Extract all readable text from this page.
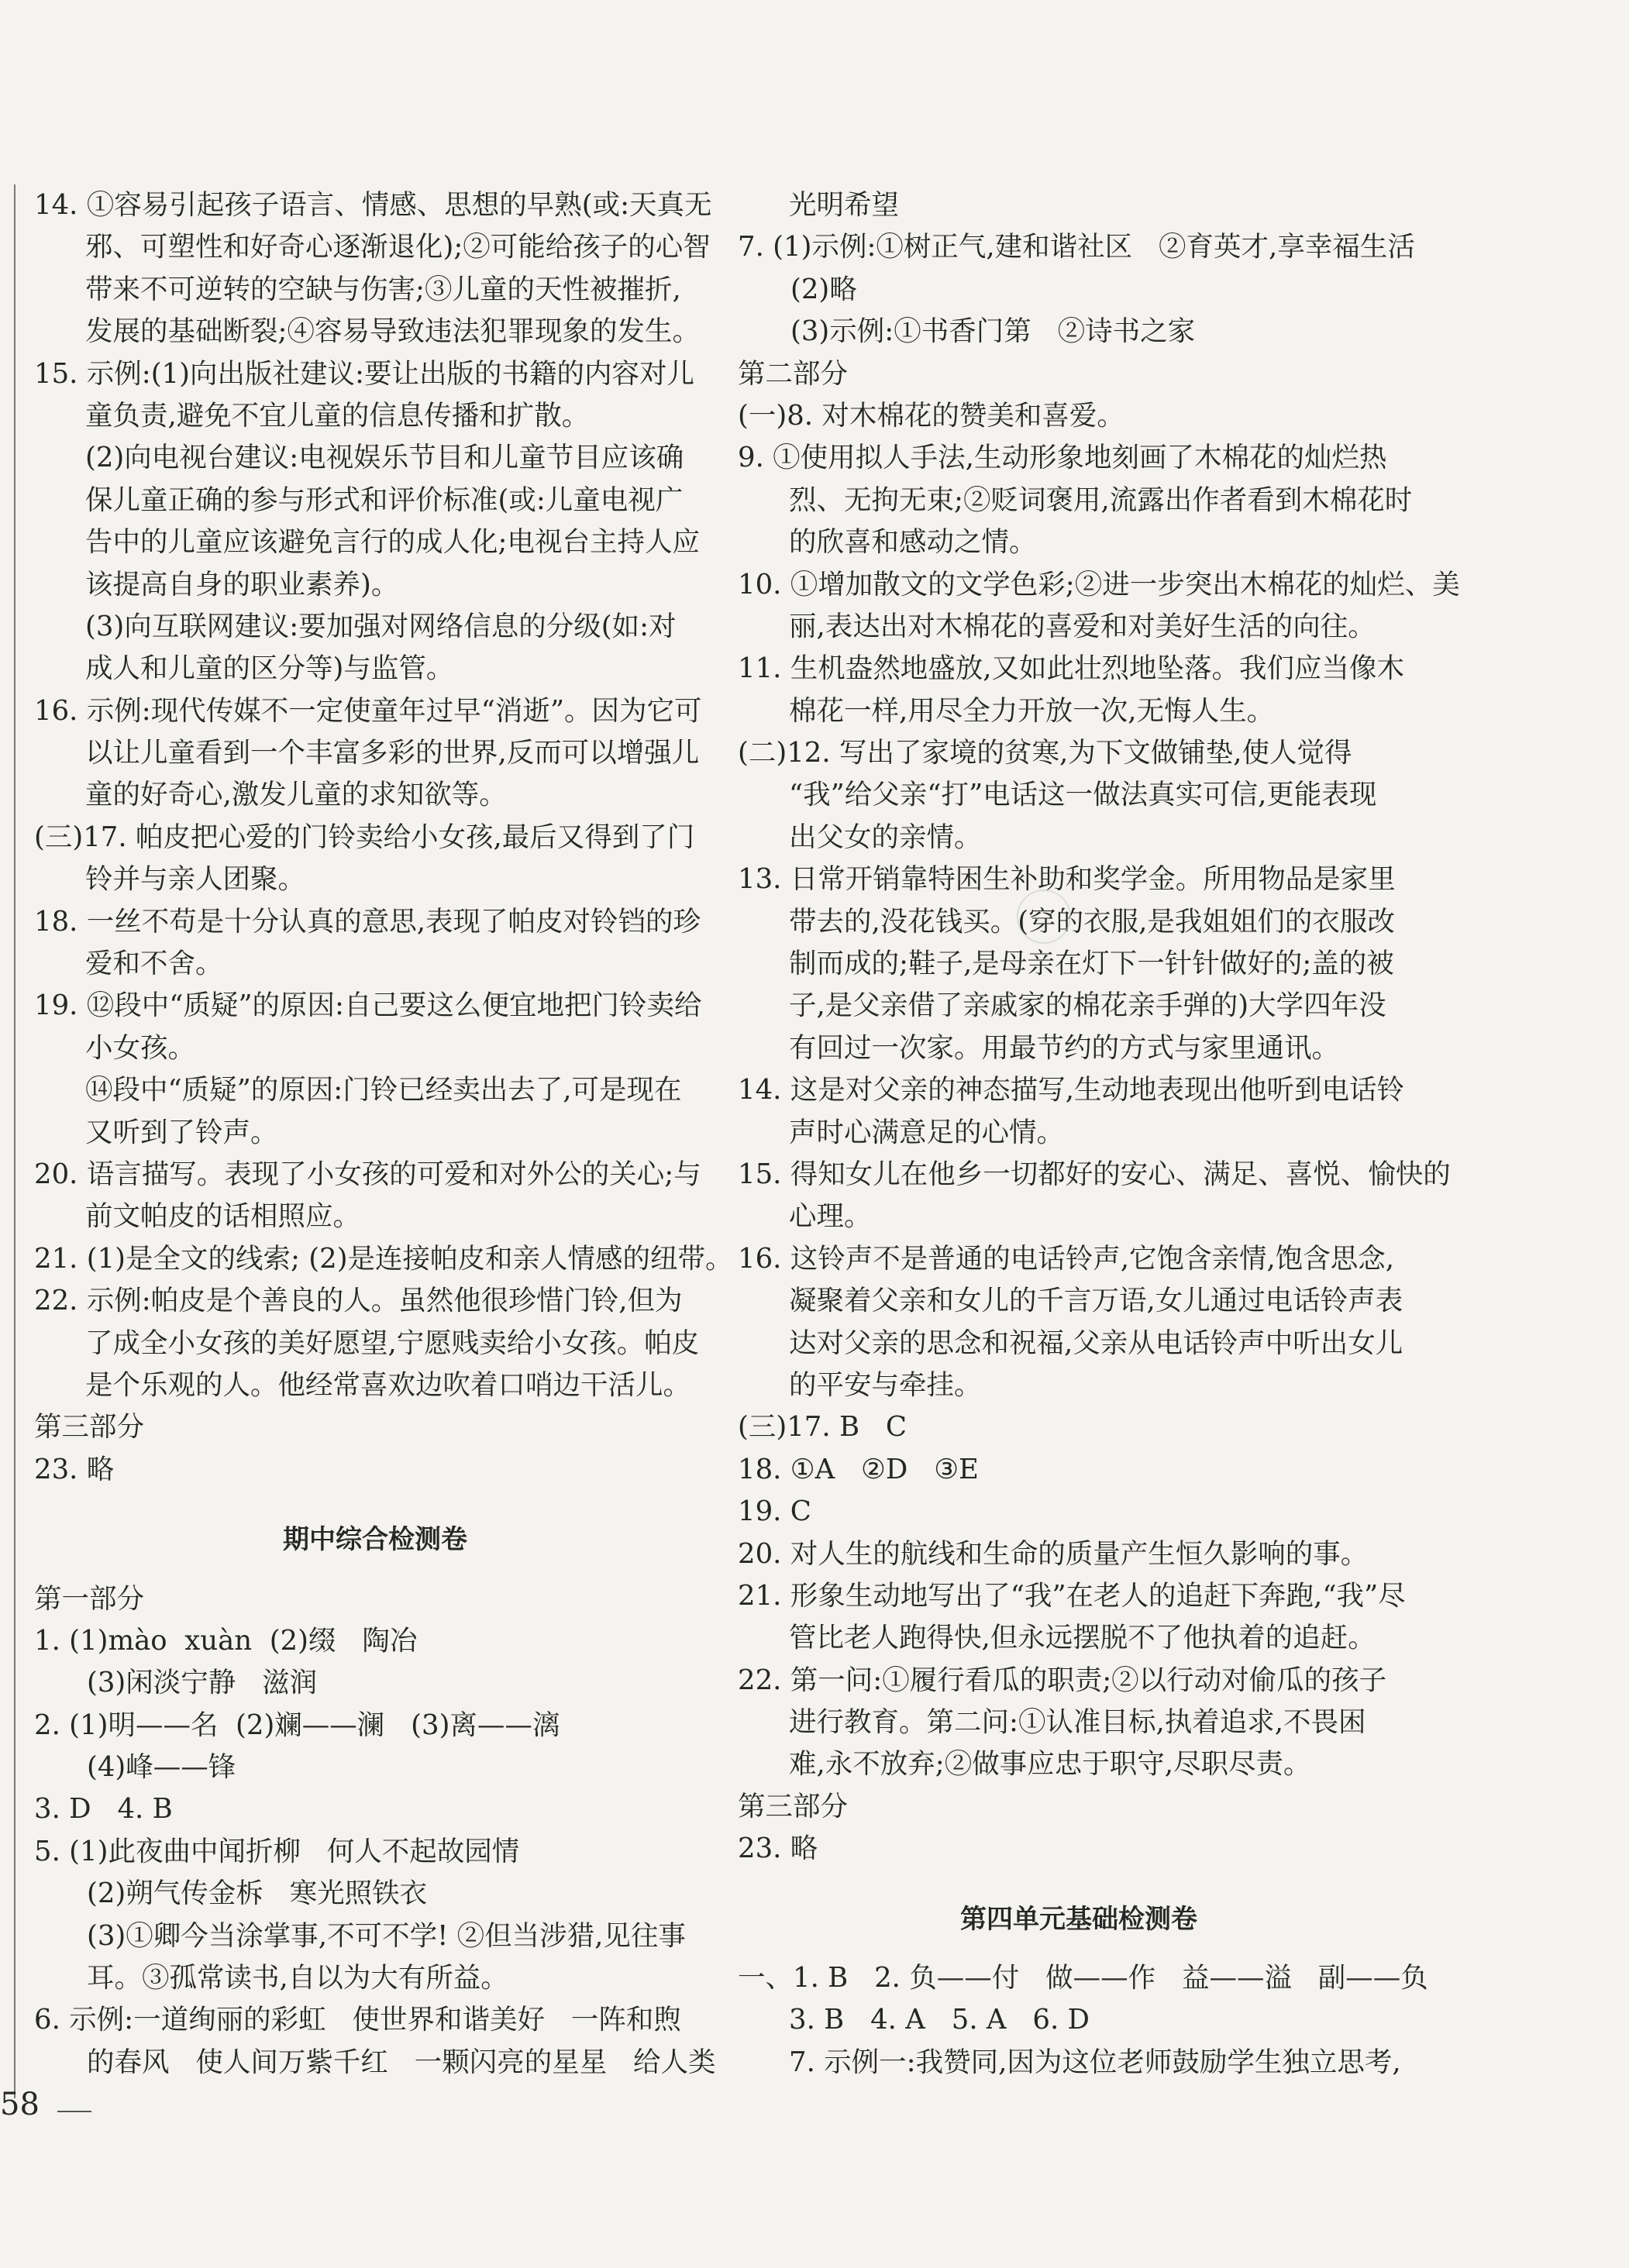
14. ①容易引起孩子语言、情感、思想的早熟(或:天真无
邪、可塑性和好奇心逐渐退化);②可能给孩子的心智
带来不可逆转的空缺与伤害;③儿童的天性被摧折,
发展的基础断裂;④容易导致违法犯罪现象的发生。
15. 示例:(1)向出版社建议:要让出版的书籍的内容对儿
童负责,避免不宜儿童的信息传播和扩散。
(2)向电视台建议:电视娱乐节目和儿童节目应该确
保儿童正确的参与形式和评价标准(或:儿童电视广
告中的儿童应该避免言行的成人化;电视台主持人应
该提高自身的职业素养)。
(3)向互联网建议:要加强对网络信息的分级(如:对
成人和儿童的区分等)与监管。
16. 示例:现代传媒不一定使童年过早“消逝”。因为它可
以让儿童看到一个丰富多彩的世界,反而可以增强儿
童的好奇心,激发儿童的求知欲等。
(三)17. 帕皮把心爱的门铃卖给小女孩,最后又得到了门
铃并与亲人团聚。
18. 一丝不苟是十分认真的意思,表现了帕皮对铃铛的珍
爱和不舍。
19. ⑫段中“质疑”的原因:自己要这么便宜地把门铃卖给
小女孩。
⑭段中“质疑”的原因:门铃已经卖出去了,可是现在
又听到了铃声。
20. 语言描写。表现了小女孩的可爱和对外公的关心;与
前文帕皮的话相照应。
21. (1)是全文的线索; (2)是连接帕皮和亲人情感的纽带。
22. 示例:帕皮是个善良的人。虽然他很珍惜门铃,但为
了成全小女孩的美好愿望,宁愿贱卖给小女孩。帕皮
是个乐观的人。他经常喜欢边吹着口哨边干活儿。
第三部分
23. 略
期中综合检测卷
第一部分
1. (1)mào  xuàn  (2)缀   陶冶
(3)闲淡宁静   滋润
2. (1)明——名  (2)斓——澜   (3)离——漓
(4)峰——锋
3. D   4. B
5. (1)此夜曲中闻折柳   何人不起故园情
(2)朔气传金柝   寒光照铁衣
(3)①卿今当涂掌事,不可不学! ②但当涉猎,见往事
耳。③孤常读书,自以为大有所益。
6. 示例:一道绚丽的彩虹   使世界和谐美好   一阵和煦
的春风   使人间万紫千红   一颗闪亮的星星   给人类
光明希望
7. (1)示例:①树正气,建和谐社区   ②育英才,享幸福生活
(2)略
(3)示例:①书香门第   ②诗书之家
第二部分
(一)8. 对木棉花的赞美和喜爱。
9. ①使用拟人手法,生动形象地刻画了木棉花的灿烂热
烈、无拘无束;②贬词褒用,流露出作者看到木棉花时
的欣喜和感动之情。
10. ①增加散文的文学色彩;②进一步突出木棉花的灿烂、美
丽,表达出对木棉花的喜爱和对美好生活的向往。
11. 生机盎然地盛放,又如此壮烈地坠落。我们应当像木
棉花一样,用尽全力开放一次,无悔人生。
(二)12. 写出了家境的贫寒,为下文做铺垫,使人觉得
“我”给父亲“打”电话这一做法真实可信,更能表现
出父女的亲情。
13. 日常开销靠特困生补助和奖学金。所用物品是家里
带去的,没花钱买。(穿的衣服,是我姐姐们的衣服改
制而成的;鞋子,是母亲在灯下一针针做好的;盖的被
子,是父亲借了亲戚家的棉花亲手弹的)大学四年没
有回过一次家。用最节约的方式与家里通讯。
14. 这是对父亲的神态描写,生动地表现出他听到电话铃
声时心满意足的心情。
15. 得知女儿在他乡一切都好的安心、满足、喜悦、愉快的
心理。
16. 这铃声不是普通的电话铃声,它饱含亲情,饱含思念,
凝聚着父亲和女儿的千言万语,女儿通过电话铃声表
达对父亲的思念和祝福,父亲从电话铃声中听出女儿
的平安与牵挂。
(三)17. B   C
18. ①A   ②D   ③E
19. C
20. 对人生的航线和生命的质量产生恒久影响的事。
21. 形象生动地写出了“我”在老人的追赶下奔跑,“我”尽
管比老人跑得快,但永远摆脱不了他执着的追赶。
22. 第一问:①履行看瓜的职责;②以行动对偷瓜的孩子
进行教育。第二问:①认准目标,执着追求,不畏困
难,永不放弃;②做事应忠于职守,尽职尽责。
第三部分
23. 略
第四单元基础检测卷
一、1. B   2. 负——付   做——作   益——溢   副——负
3. B   4. A   5. A   6. D
7. 示例一:我赞同,因为这位老师鼓励学生独立思考,
58
